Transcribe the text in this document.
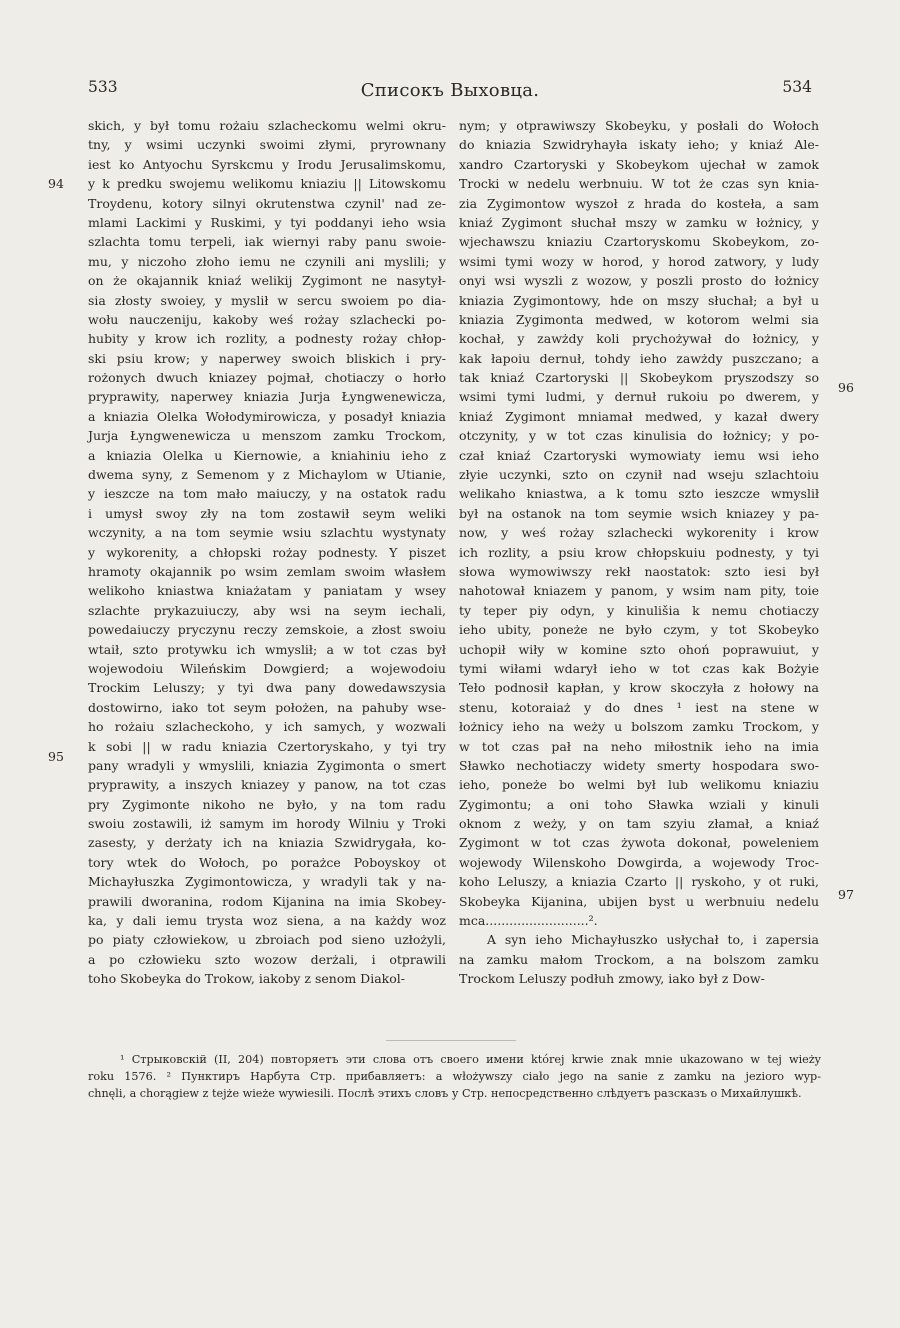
533	Списокъ Выховца.	534
94
95
96
97
skich, y był tomu rożaiu szlacheckomu welmi okru-
tny, y wsimi uczynki swoimi złymi, pryrownany
iest ko Antyochu Syrskcmu y Irodu Jerusalimskomu,
y k predku swojemu welikomu kniaziu || Litowskomu
Troydenu, kotory silnyi okrutenstwa czynil' nad ze-
mlami Lackimi y Ruskimi, y tyi poddanyi ieho wsia
szlachta tomu terpeli, iak wiernyi raby panu swoie-
mu, y niczoho złoho iemu ne czynili ani myslili; y
on że okajannik kniaź welikij Zygimont ne nasytył-
sia złosty swoiey, y myslił w sercu swoiem po dia-
wołu nauczeniju, kakoby weś rożay szlachecki po-
hubity y krow ich rozlity, a podnesty rożay chłop-
ski psiu krow; y naperwey swoich bliskich i pry-
rożonych dwuch kniazey pojmał, chotiaczy o horło
pryprawity, naperwey kniazia Jurja Łyngwenewicza,
a kniazia Olelka Wołodymirowicza, y posadył kniazia
Jurja Łyngwenewicza u menszom zamku Trockom,
a kniazia Olelka u Kiernowie, a kniahiniu ieho z
dwema syny, z Semenom y z Michaylom w Utianie,
y ieszcze na tom mało maiuczy, y na ostatok radu
i umysł swoy zły na tom zostawił seym weliki
wczynity, a na tom seymie wsiu szlachtu wystynaty
y wykorenity, a chłopski rożay podnesty. Y piszet
hramoty okajannik po wsim zemlam swoim własłem
welikoho kniastwa kniażatam y paniatam y wsey
szlachte prykazuiuczy, aby wsi na seym iechali,
powedaiuczy pryczynu reczy zemskoie, a złost swoiu
wtaił, szto protywku ich wmyslił; a w tot czas był
wojewodoiu Wileńskim Dowgierd; a wojewodoiu
Trockim Leluszy; y tyi dwa pany dowedawszysia
dostowirno, iako tot seym położen, na pahuby wse-
ho rożaiu szlacheckoho, y ich samych, y wozwali
k sobi || w radu kniazia Czertoryskaho, y tyi try
pany wradyli y wmyslili, kniazia Zygimonta o smert
pryprawity, a inszych kniazey y panow, na tot czas
pry Zygimonte nikoho ne było, y na tom radu
swoiu zostawili, iż samym im horody Wilniu y Troki
zasesty, y derżaty ich na kniazia Szwidrygała, ko-
tory wtek do Wołoch, po porażce Poboyskoy ot
Michayłuszka Zygimontowicza, y wradyli tak y na-
prawili dworanina, rodom Kijanina na imia Skobey-
ka, y dali iemu trysta woz siena, a na każdy woz
po piaty człowiekow, u zbroiach pod sieno uzłożyli,
a po człowieku szto wozow derżali, i otprawili
toho Skobeyka do Trokow, iakoby z senom Diakol-
nym; y otprawiwszy Skobeyku, y posłali do Wołoch
do kniazia Szwidryhayła iskaty ieho; y kniaź Ale-
xandro Czartoryski y Skobeykom ujechał w zamok
Trocki w nedelu werbnuiu. W tot że czas syn knia-
zia Zygimontow wyszoł z hrada do kosteła, a sam
kniaź Zygimont słuchał mszy w zamku w łożnicy, y
wjechawszu kniaziu Czartoryskomu Skobeykom, zo-
wsimi tymi wozy w horod, y horod zatwory, y ludy
onyi wsi wyszli z wozow, y poszli prosto do łożnicy
kniazia Zygimontowy, hde on mszy słuchał; a był u
kniazia Zygimonta medwed, w kotorom welmi sia
kochał, y zawżdy koli prychożywał do łożnicy, y
kak łapoiu dernuł, tohdy ieho zawżdy puszczano; a
tak kniaź Czartoryski || Skobeykom pryszodszy so
wsimi tymi ludmi, y dernuł rukoiu po dwerem, y
kniaź Zygimont mniamał medwed, y kazał dwery
otczynity, y w tot czas kinulisia do łożnicy; y po-
czał kniaź Czartoryski wymowiaty iemu wsi ieho
złyie uczynki, szto on czynił nad wseju szlachtoiu
welikaho kniastwa, a k tomu szto ieszcze wmyslił
był na ostanok na tom seymie wsich kniazey y pa-
now, y weś rożay szlachecki wykorenity i krow
ich rozlity, a psiu krow chłopskuiu podnesty, y tyi
słowa wymowiwszy rekł naostatok: szto iesi był
nahotował kniazem y panom, y wsim nam pity, toie
ty teper piy odyn, y kinulišia k nemu chotiaczy
ieho ubity, poneże ne było czym, y tot Skobeyko
uchopił wiły w komine szto ohoń poprawuiut, y
tymi wiłami wdarył ieho w tot czas kak Bożyie
Tełо podnosił kapłan, y krow skoczyła z hołowy na
stenu, kotoraiaż y do dnes ¹ iest na stene w
łożnicy ieho na weży u bolszom zamku Trockom, y
w tot czas pał na neho miłostnik ieho na imia
Sławko nechotiaczy widety smerty hospodara swo-
ieho, poneże bo welmi był lub welikomu kniaziu
Zygimontu; a oni toho Sławka wziali y kinuli
oknom z weży, y on tam szyiu złamał, a kniaź
Zygimont w tot czas żywota dokonał, poweleniem
wojewody Wilenskoho Dowgirda, a wojewody Troc-
koho Leluszy, a kniazia Czarto || ryskoho, y ot ruki,
Skobeyka Kijanina, ubijen byst u werbnuiu nedelu
mca..........................².
A syn ieho Michayłuszko usłychał to, i zapersia
na zamku małom Trockom, a na bolszom zamku
Trockom Leluszy podłuh zmowy, iako był z Dow-
¹ Стрыковскій (II, 204) повторяетъ эти слова отъ своего имени której krwie znak mnie ukazowano w tej wieży
roku 1576. ² Пунктиръ Нарбута Стр. прибавляетъ: a włożywszy ciało jego na sanie z zamku na jezioro wyp-
chnęli, a chorągiew z tejże wieże wywiesili. Послѣ этихъ словъ у Стр. непосредственно слѣдуетъ разсказъ о Михайлушкѣ.
